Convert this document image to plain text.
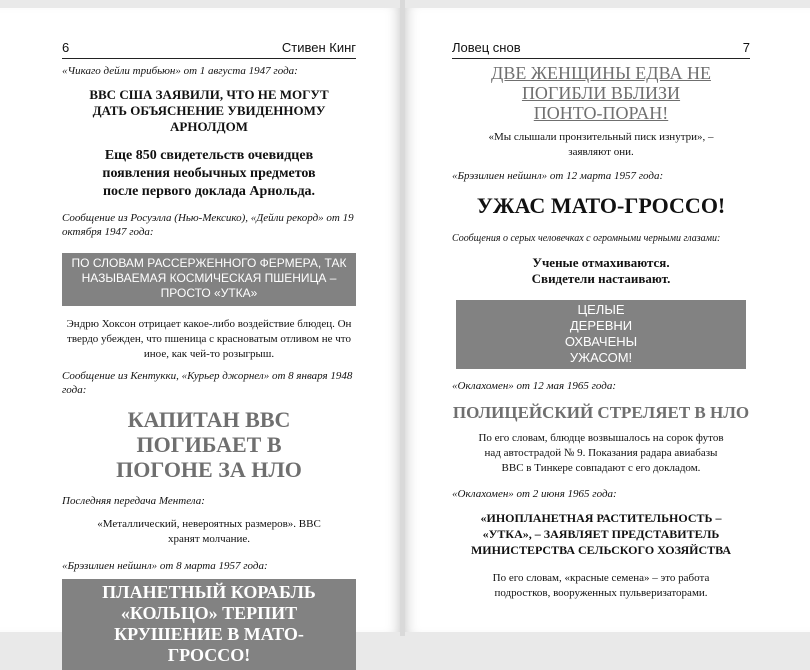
6	Стивен Кинг

«Чикаго дейли трибьюн» от 1 августа 1947 года:

ВВС США ЗАЯВИЛИ, ЧТО НЕ МОГУТ ДАТЬ ОБЪЯСНЕНИЕ УВИДЕННОМУ АРНОЛДОМ

Еще 850 свидетельств очевидцев появления необычных предметов после первого доклада Арнольда.

Сообщение из Росуэлла (Нью-Мексико), «Дейли рекорд» от 19 октября 1947 года:

ПО СЛОВАМ РАССЕРЖЕННОГО ФЕРМЕРА, ТАК НАЗЫВАЕМАЯ КОСМИЧЕСКАЯ ПШЕНИЦА – ПРОСТО «УТКА»

Эндрю Хоксон отрицает какое-либо воздействие блюдец. Он твердо убежден, что пшеница с красноватым отливом не что иное, как чей-то розыгрыш.

Сообщение из Кентукки, «Курьер джорнел» от 8 января 1948 года:

КАПИТАН ВВС ПОГИБАЕТ В ПОГОНЕ ЗА НЛО

Последняя передача Ментела:

«Металлический, невероятных размеров». ВВС хранят молчание.

«Брэзилиен нейшнл» от 8 марта 1957 года:

ПЛАНЕТНЫЙ КОРАБЛЬ «КОЛЬЦО» ТЕРПИТ КРУШЕНИЕ В МАТО-ГРОССО!
Ловец снов	7

ДВЕ ЖЕНЩИНЫ ЕДВА НЕ ПОГИБЛИ ВБЛИЗИ ПОНТО-ПОРАН!

«Мы слышали пронзительный писк изнутри», – заявляют они.

«Брэзилиен нейшнл» от 12 марта 1957 года:

УЖАС МАТО-ГРОССО!

Сообщения о серых человечках с огромными черными глазами:

Ученые отмахиваются. Свидетели настаивают.

ЦЕЛЫЕ ДЕРЕВНИ ОХВАЧЕНЫ УЖАСОМ!

«Оклахомен» от 12 мая 1965 года:

ПОЛИЦЕЙСКИЙ СТРЕЛЯЕТ В НЛО

По его словам, блюдце возвышалось на сорок футов над автострадой № 9. Показания радара авиабазы ВВС в Тинкере совпадают с его докладом.

«Оклахомен» от 2 июня 1965 года:

«ИНОПЛАНЕТНАЯ РАСТИТЕЛЬНОСТЬ – «УТКА», – ЗАЯВЛЯЕТ ПРЕДСТАВИТЕЛЬ МИНИСТЕРСТВА СЕЛЬСКОГО ХОЗЯЙСТВА

По его словам, «красные семена» – это работа подростков, вооруженных пульверизаторами.
